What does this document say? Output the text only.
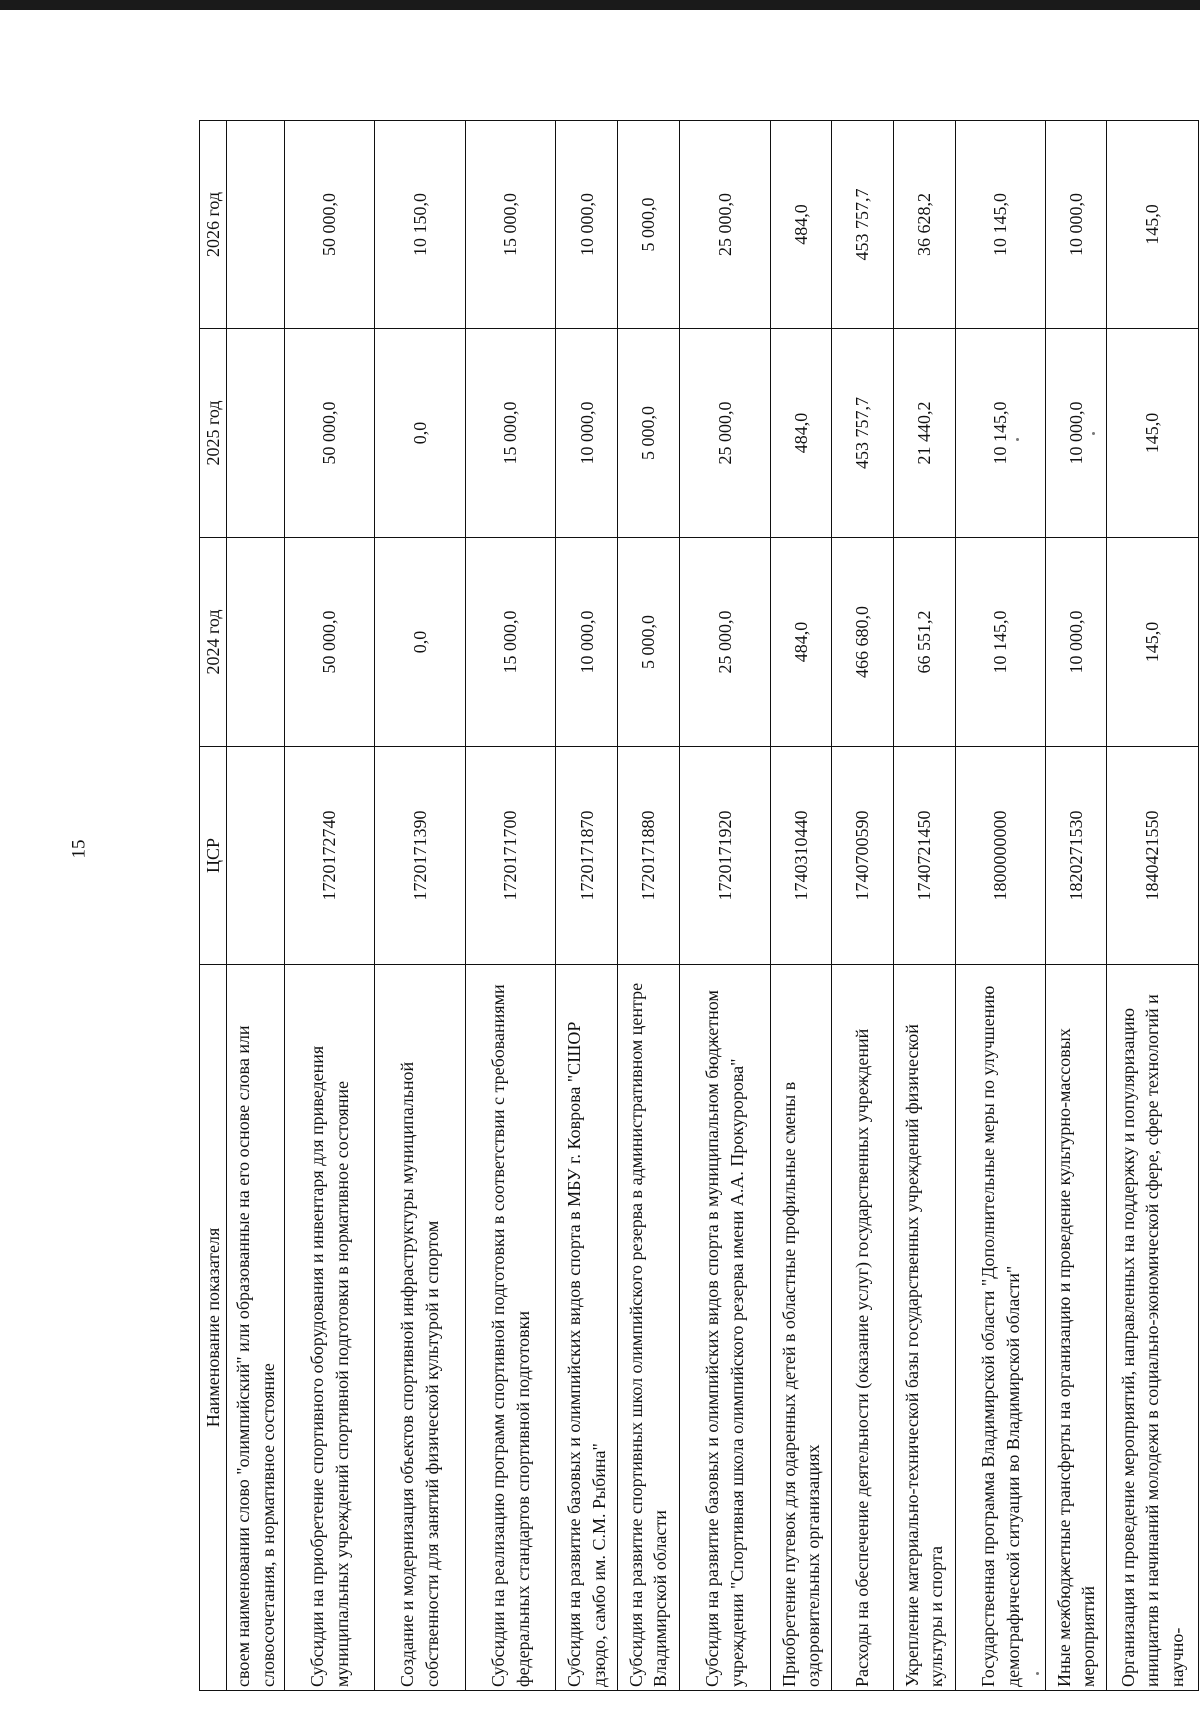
15
Наименование показателя	ЦСР	2024 год	2025 год	2026 год
своем наименовании слово "олимпийский" или образованные на его основе слова или словосочетания, в нормативное состояние				
Субсидии на приобретение спортивного оборудования и инвентаря для приведения муниципальных учреждений спортивной подготовки в нормативное состояние	1720172740	50 000,0	50 000,0	50 000,0
Создание и модернизация объектов спортивной инфраструктуры муниципальной собственности для занятий физической культурой и спортом	1720171390	0,0	0,0	10 150,0
Субсидии на реализацию программ спортивной подготовки в соответствии с требованиями федеральных стандартов спортивной подготовки	1720171700	15 000,0	15 000,0	15 000,0
Субсидия на развитие базовых и олимпийских видов спорта в МБУ г. Коврова "СШОР дзюдо, самбо им. С.М. Рыбина"	1720171870	10 000,0	10 000,0	10 000,0
Субсидия на развитие спортивных школ олимпийского резерва в административном центре Владимирской области	1720171880	5 000,0	5 000,0	5 000,0
Субсидия на развитие базовых и олимпийских видов спорта в муниципальном бюджетном учреждении "Спортивная школа олимпийского резерва имени А.А. Прокуророва"	1720171920	25 000,0	25 000,0	25 000,0
Приобретение путевок для одаренных детей в областные профильные смены в оздоровительных организациях	1740310440	484,0	484,0	484,0
Расходы на обеспечение деятельности (оказание услуг) государственных учреждений	1740700590	466 680,0	453 757,7	453 757,7
Укрепление материально-технической базы государственных учреждений физической культуры и спорта	1740721450	66 551,2	21 440,2	36 628,2
Государственная программа Владимирской области "Дополнительные меры по улучшению демографической ситуации во Владимирской области"	1800000000	10 145,0	10 145,0	10 145,0
Иные межбюджетные трансферты на организацию и проведение культурно-массовых мероприятий	1820271530	10 000,0	10 000,0	10 000,0
Организация и проведение мероприятий, направленных на поддержку и популяризацию инициатив и начинаний молодежи в социально-экономической сфере, сфере технологий и научно-	1840421550	145,0	145,0	145,0
